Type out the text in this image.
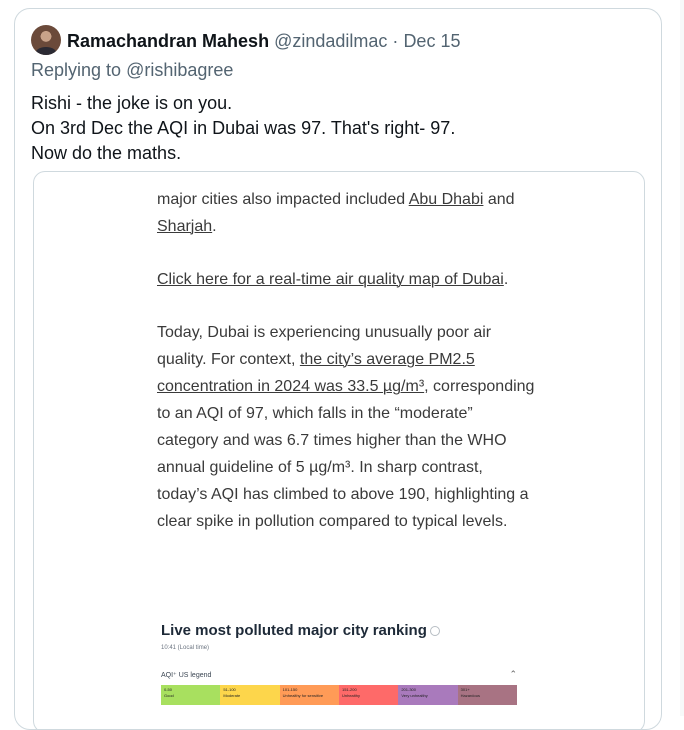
Ramachandran Mahesh @zindadilmac · Dec 15
Replying to @rishibagree
Rishi - the joke is on you.
On 3rd Dec the AQI in Dubai was 97. That's right- 97.
Now do the maths.

major cities also impacted included Abu Dhabi and Sharjah.

Click here for a real-time air quality map of Dubai.

Today, Dubai is experiencing unusually poor air quality. For context, the city’s average PM2.5 concentration in 2024 was 33.5 µg/m³, corresponding to an AQI of 97, which falls in the “moderate” category and was 6.7 times higher than the WHO annual guideline of 5 µg/m³. In sharp contrast, today’s AQI has climbed to above 190, highlighting a clear spike in pollution compared to typical levels.

Live most polluted major city ranking
10:41 (Local time)
AQI⁺ US legend	⌃
0-50
Good
51-100
Moderate
101-150
Unhealthy for sensitive
151-200
Unhealthy
201-300
Very unhealthy
301+
Hazardous
